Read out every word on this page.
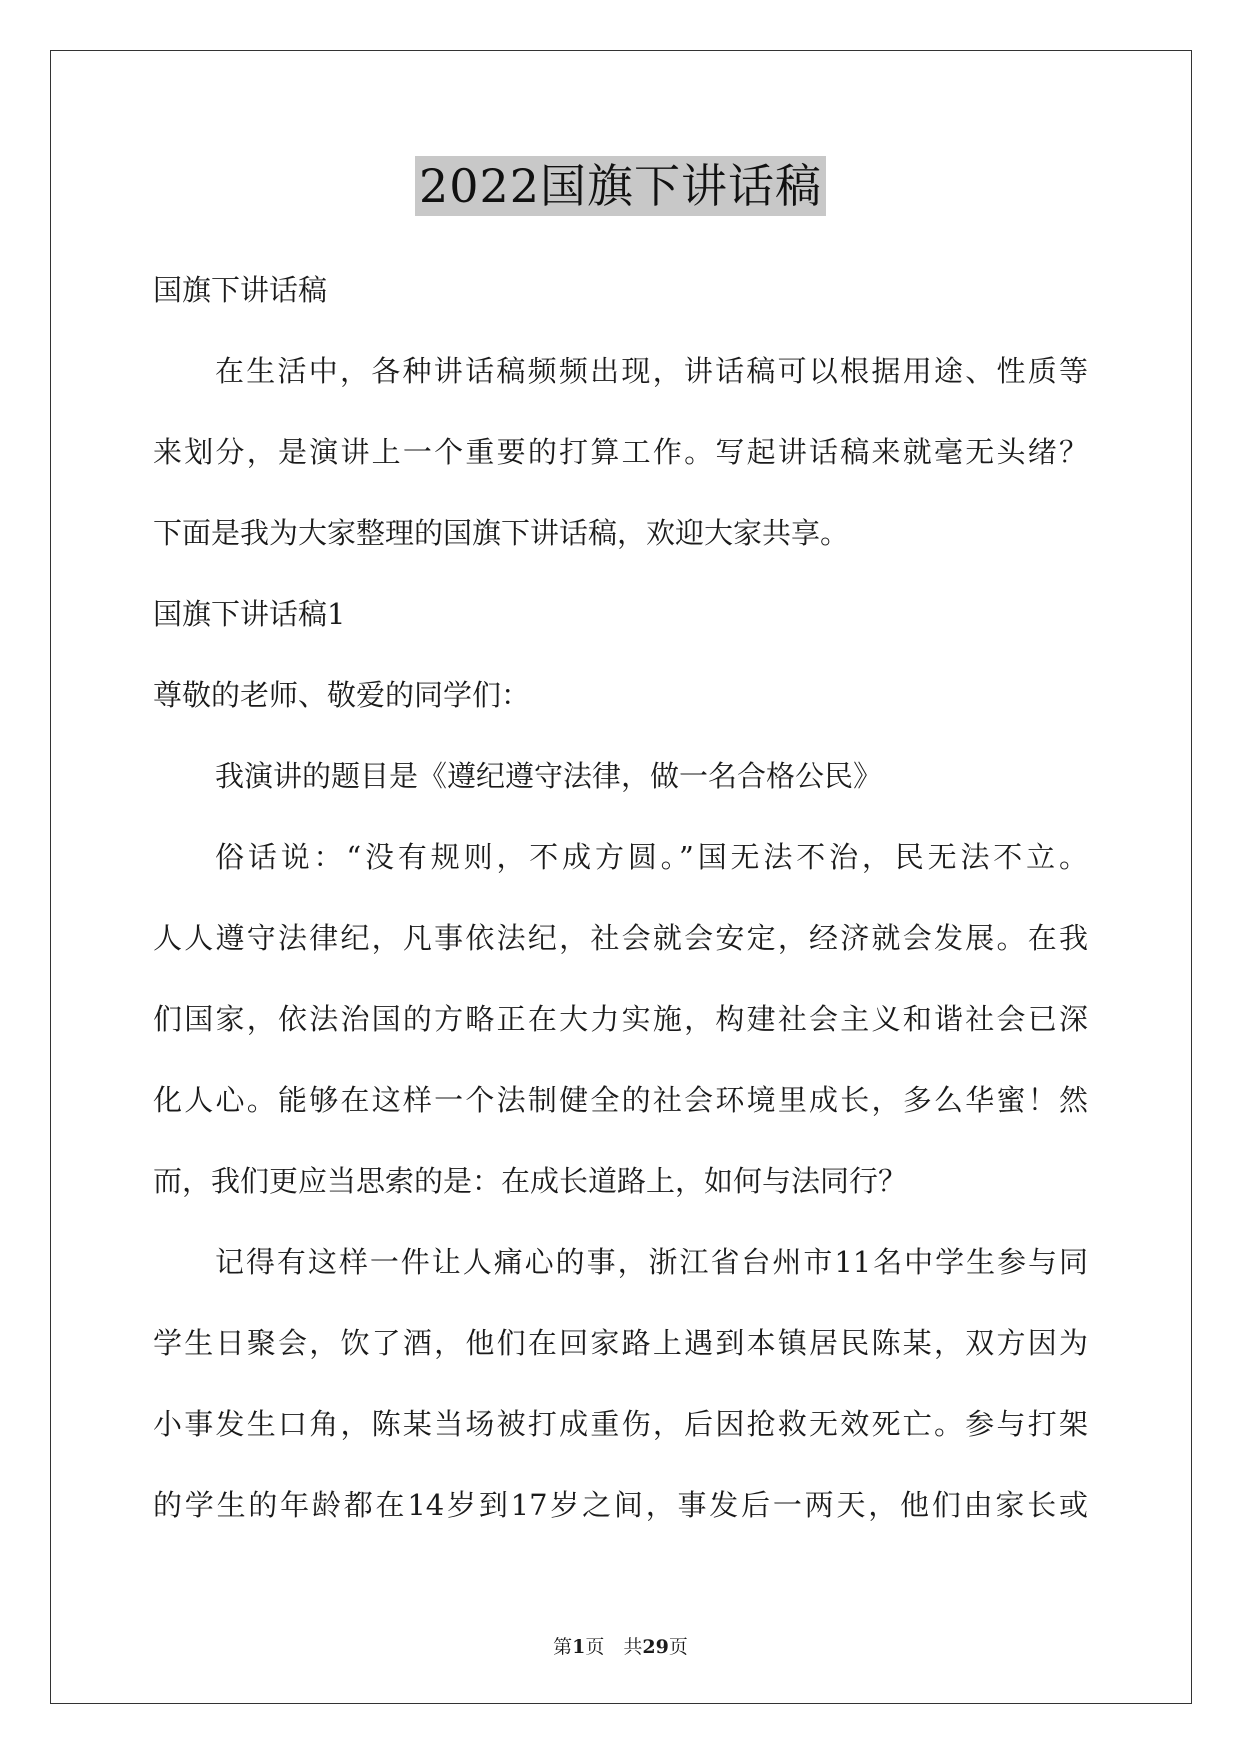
2022国旗下讲话稿
国旗下讲话稿
在生活中，各种讲话稿频频出现，讲话稿可以根据用途、性质等
来划分，是演讲上一个重要的打算工作。写起讲话稿来就毫无头绪？
下面是我为大家整理的国旗下讲话稿，欢迎大家共享。
国旗下讲话稿1
尊敬的老师、敬爱的同学们：
我演讲的题目是《遵纪遵守法律，做一名合格公民》
俗话说：“没有规则，不成方圆。”国无法不治，民无法不立。
人人遵守法律纪，凡事依法纪，社会就会安定，经济就会发展。在我
们国家，依法治国的方略正在大力实施，构建社会主义和谐社会已深
化人心。能够在这样一个法制健全的社会环境里成长，多么华蜜！然
而，我们更应当思索的是：在成长道路上，如何与法同行？
记得有这样一件让人痛心的事，浙江省台州市11名中学生参与同
学生日聚会，饮了酒，他们在回家路上遇到本镇居民陈某，双方因为
小事发生口角，陈某当场被打成重伤，后因抢救无效死亡。参与打架
的学生的年龄都在14岁到17岁之间，事发后一两天，他们由家长或
第1页　共29页
